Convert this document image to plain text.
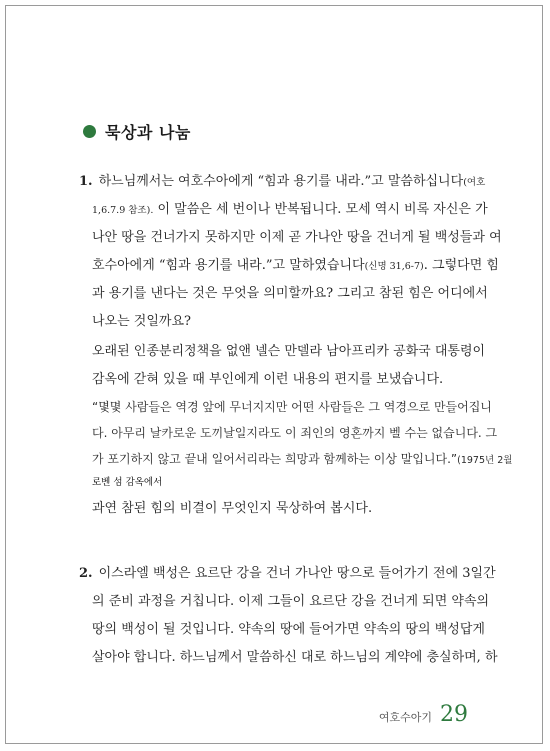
묵상과 나눔
1. 하느님께서는 여호수아에게 “힘과 용기를 내라.”고 말씀하십니다(여호
1,6.7.9 참조). 이 말씀은 세 번이나 반복됩니다. 모세 역시 비록 자신은 가
나안 땅을 건너가지 못하지만 이제 곧 가나안 땅을 건너게 될 백성들과 여
호수아에게 “힘과 용기를 내라.”고 말하였습니다(신명 31,6-7). 그렇다면 힘
과 용기를 낸다는 것은 무엇을 의미할까요? 그리고 참된 힘은 어디에서
나오는 것일까요?
오래된 인종분리정책을 없앤 넬슨 만델라 남아프리카 공화국 대통령이
감옥에 갇혀 있을 때 부인에게 이런 내용의 편지를 보냈습니다.
“몇몇 사람들은 역경 앞에 무너지지만 어떤 사람들은 그 역경으로 만들어집니
다. 아무리 날카로운 도끼날일지라도 이 죄인의 영혼까지 벨 수는 없습니다. 그
가 포기하지 않고 끝내 일어서리라는 희망과 함께하는 이상 말입니다.”(1975년 2월
로벤 섬 감옥에서
과연 참된 힘의 비결이 무엇인지 묵상하여 봅시다.
2. 이스라엘 백성은 요르단 강을 건너 가나안 땅으로 들어가기 전에 3일간
의 준비 과정을 거칩니다. 이제 그들이 요르단 강을 건너게 되면 약속의
땅의 백성이 될 것입니다. 약속의 땅에 들어가면 약속의 땅의 백성답게
살아야 합니다. 하느님께서 말씀하신 대로 하느님의 계약에 충실하며, 하
여호수아기 29
